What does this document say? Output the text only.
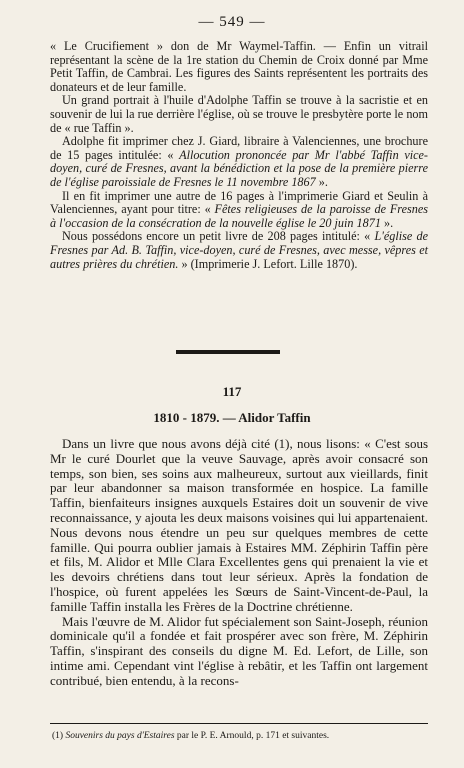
— 549 —

« Le Crucifiement » don de Mr Waymel-Taffin. — Enfin un vitrail représentant la scène de la 1re station du Chemin de Croix donné par Mme Petit Taffin, de Cambrai. Les figures des Saints représentent les portraits des donateurs et de leur famille.

Un grand portrait à l'huile d'Adolphe Taffin se trouve à la sacristie et en souvenir de lui la rue derrière l'église, où se trouve le presbytère porte le nom de « rue Taffin ».

Adolphe fit imprimer chez J. Giard, libraire à Valenciennes, une brochure de 15 pages intitulée: « Allocution prononcée par Mr l'abbé Taffin vice-doyen, curé de Fresnes, avant la bénédiction et la pose de la première pierre de l'église paroissiale de Fresnes le 11 novembre 1867 ».

Il en fit imprimer une autre de 16 pages à l'imprimerie Giard et Seulin à Valenciennes, ayant pour titre: « Fêtes religieuses de la paroisse de Fresnes à l'occasion de la consécration de la nouvelle église le 20 juin 1871 ».

Nous possédons encore un petit livre de 208 pages intitulé: « L'église de Fresnes par Ad. B. Taffin, vice-doyen, curé de Fresnes, avec messe, vêpres et autres prières du chrétien. » (Imprimerie J. Lefort. Lille 1870).

117
1810 - 1879. — Alidor Taffin

Dans un livre que nous avons déjà cité (1), nous lisons: « C'est sous Mr le curé Dourlet que la veuve Sauvage, après avoir consacré son temps, son bien, ses soins aux malheureux, surtout aux vieillards, finit par leur abandonner sa maison transformée en hospice. La famille Taffin, bienfaiteurs insignes auxquels Estaires doit un souvenir de vive reconnaissance, y ajouta les deux maisons voisines qui lui appartenaient. Nous devons nous étendre un peu sur quelques membres de cette famille. Qui pourra oublier jamais à Estaires MM. Zéphirin Taffin père et fils, M. Alidor et Mlle Clara Excellentes gens qui prenaient la vie et les devoirs chrétiens dans tout leur sérieux. Après la fondation de l'hospice, où furent appelées les Sœurs de Saint-Vincent-de-Paul, la famille Taffin installa les Frères de la Doctrine chrétienne.

Mais l'œuvre de M. Alidor fut spécialement son Saint-Joseph, réunion dominicale qu'il a fondée et fait prospérer avec son frère, M. Zéphirin Taffin, s'inspirant des conseils du digne M. Ed. Lefort, de Lille, son intime ami. Cependant vint l'église à rebâtir, et les Taffin ont largement contribué, bien entendu, à la recons-

(1) Souvenirs du pays d'Estaires par le P. E. Arnould, p. 171 et suivantes.
